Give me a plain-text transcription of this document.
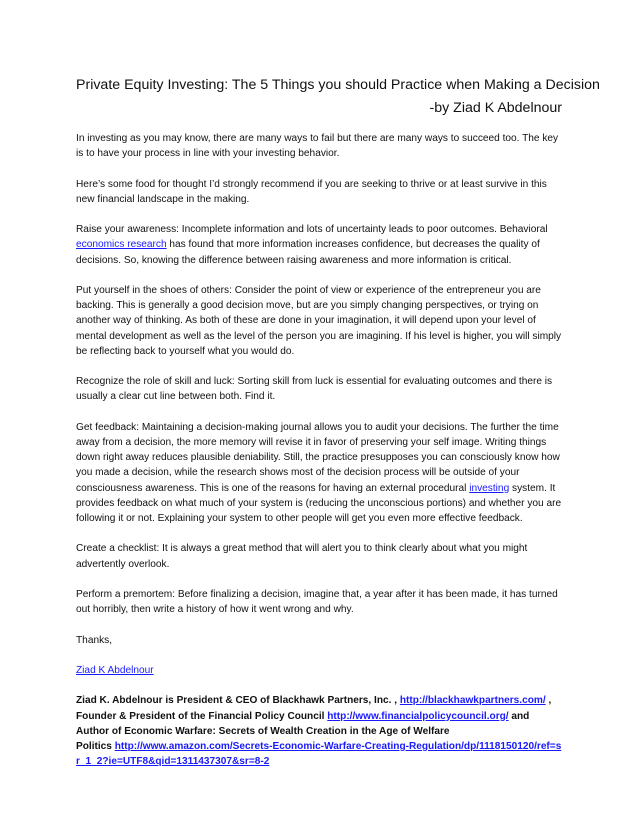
Private Equity Investing: The 5 Things you should Practice when Making a Decision
-by Ziad K Abdelnour

In investing as you may know, there are many ways to fail but there are many ways to succeed too. The key is to have your process in line with your investing behavior.

Here’s some food for thought I’d strongly recommend if you are seeking to thrive or at least survive in this new financial landscape in the making.

Raise your awareness: Incomplete information and lots of uncertainty leads to poor outcomes. Behavioral economics research has found that more information increases confidence, but decreases the quality of decisions. So, knowing the difference between raising awareness and more information is critical.

Put yourself in the shoes of others: Consider the point of view or experience of the entrepreneur you are backing. This is generally a good decision move, but are you simply changing perspectives, or trying on another way of thinking. As both of these are done in your imagination, it will depend upon your level of mental development as well as the level of the person you are imagining. If his level is higher, you will simply be reflecting back to yourself what you would do.

Recognize the role of skill and luck: Sorting skill from luck is essential for evaluating outcomes and there is usually a clear cut line between both. Find it.

Get feedback: Maintaining a decision-making journal allows you to audit your decisions. The further the time away from a decision, the more memory will revise it in favor of preserving your self image. Writing things down right away reduces plausible deniability. Still, the practice presupposes you can consciously know how you made a decision, while the research shows most of the decision process will be outside of your consciousness awareness. This is one of the reasons for having an external procedural investing system. It provides feedback on what much of your system is (reducing the unconscious portions) and whether you are following it or not. Explaining your system to other people will get you even more effective feedback.

Create a checklist: It is always a great method that will alert you to think clearly about what you might advertently overlook.

Perform a premortem: Before finalizing a decision, imagine that, a year after it has been made, it has turned out horribly, then write a history of how it went wrong and why.

Thanks,

Ziad K Abdelnour

Ziad K. Abdelnour is President & CEO of Blackhawk Partners, Inc. , http://blackhawkpartners.com/ ,
Founder & President of the Financial Policy Council http://www.financialpolicycouncil.org/ and
Author of Economic Warfare: Secrets of Wealth Creation in the Age of Welfare
Politics http://www.amazon.com/Secrets-Economic-Warfare-Creating-Regulation/dp/1118150120/ref=sr_1_2?ie=UTF8&qid=1311437307&sr=8-2
